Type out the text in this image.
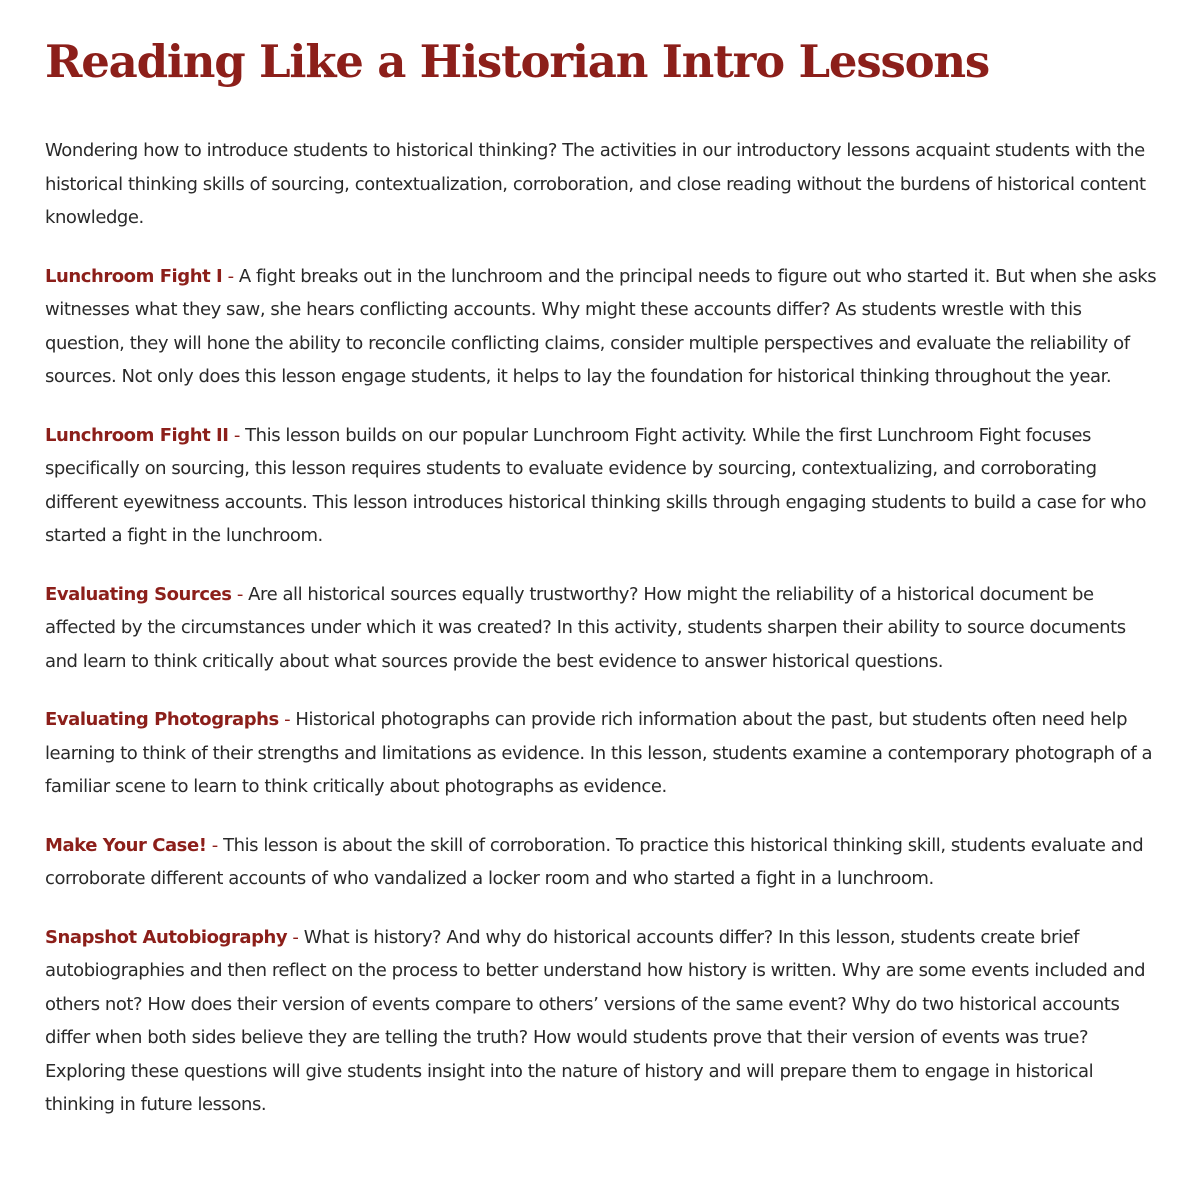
Reading Like a Historian Intro Lessons

Wondering how to introduce students to historical thinking? The activities in our introductory lessons acquaint students with the historical thinking skills of sourcing, contextualization, corroboration, and close reading without the burdens of historical content knowledge.

Lunchroom Fight I - A fight breaks out in the lunchroom and the principal needs to figure out who started it. But when she asks witnesses what they saw, she hears conflicting accounts. Why might these accounts differ? As students wrestle with this question, they will hone the ability to reconcile conflicting claims, consider multiple perspectives and evaluate the reliability of sources. Not only does this lesson engage students, it helps to lay the foundation for historical thinking throughout the year.

Lunchroom Fight II - This lesson builds on our popular Lunchroom Fight activity. While the first Lunchroom Fight focuses specifically on sourcing, this lesson requires students to evaluate evidence by sourcing, contextualizing, and corroborating different eyewitness accounts. This lesson introduces historical thinking skills through engaging students to build a case for who started a fight in the lunchroom.

Evaluating Sources - Are all historical sources equally trustworthy? How might the reliability of a historical document be affected by the circumstances under which it was created? In this activity, students sharpen their ability to source documents and learn to think critically about what sources provide the best evidence to answer historical questions.

Evaluating Photographs - Historical photographs can provide rich information about the past, but students often need help learning to think of their strengths and limitations as evidence. In this lesson, students examine a contemporary photograph of a familiar scene to learn to think critically about photographs as evidence.

Make Your Case! - This lesson is about the skill of corroboration. To practice this historical thinking skill, students evaluate and corroborate different accounts of who vandalized a locker room and who started a fight in a lunchroom.

Snapshot Autobiography - What is history? And why do historical accounts differ? In this lesson, students create brief autobiographies and then reflect on the process to better understand how history is written. Why are some events included and others not? How does their version of events compare to others’ versions of the same event? Why do two historical accounts differ when both sides believe they are telling the truth? How would students prove that their version of events was true? Exploring these questions will give students insight into the nature of history and will prepare them to engage in historical thinking in future lessons.
